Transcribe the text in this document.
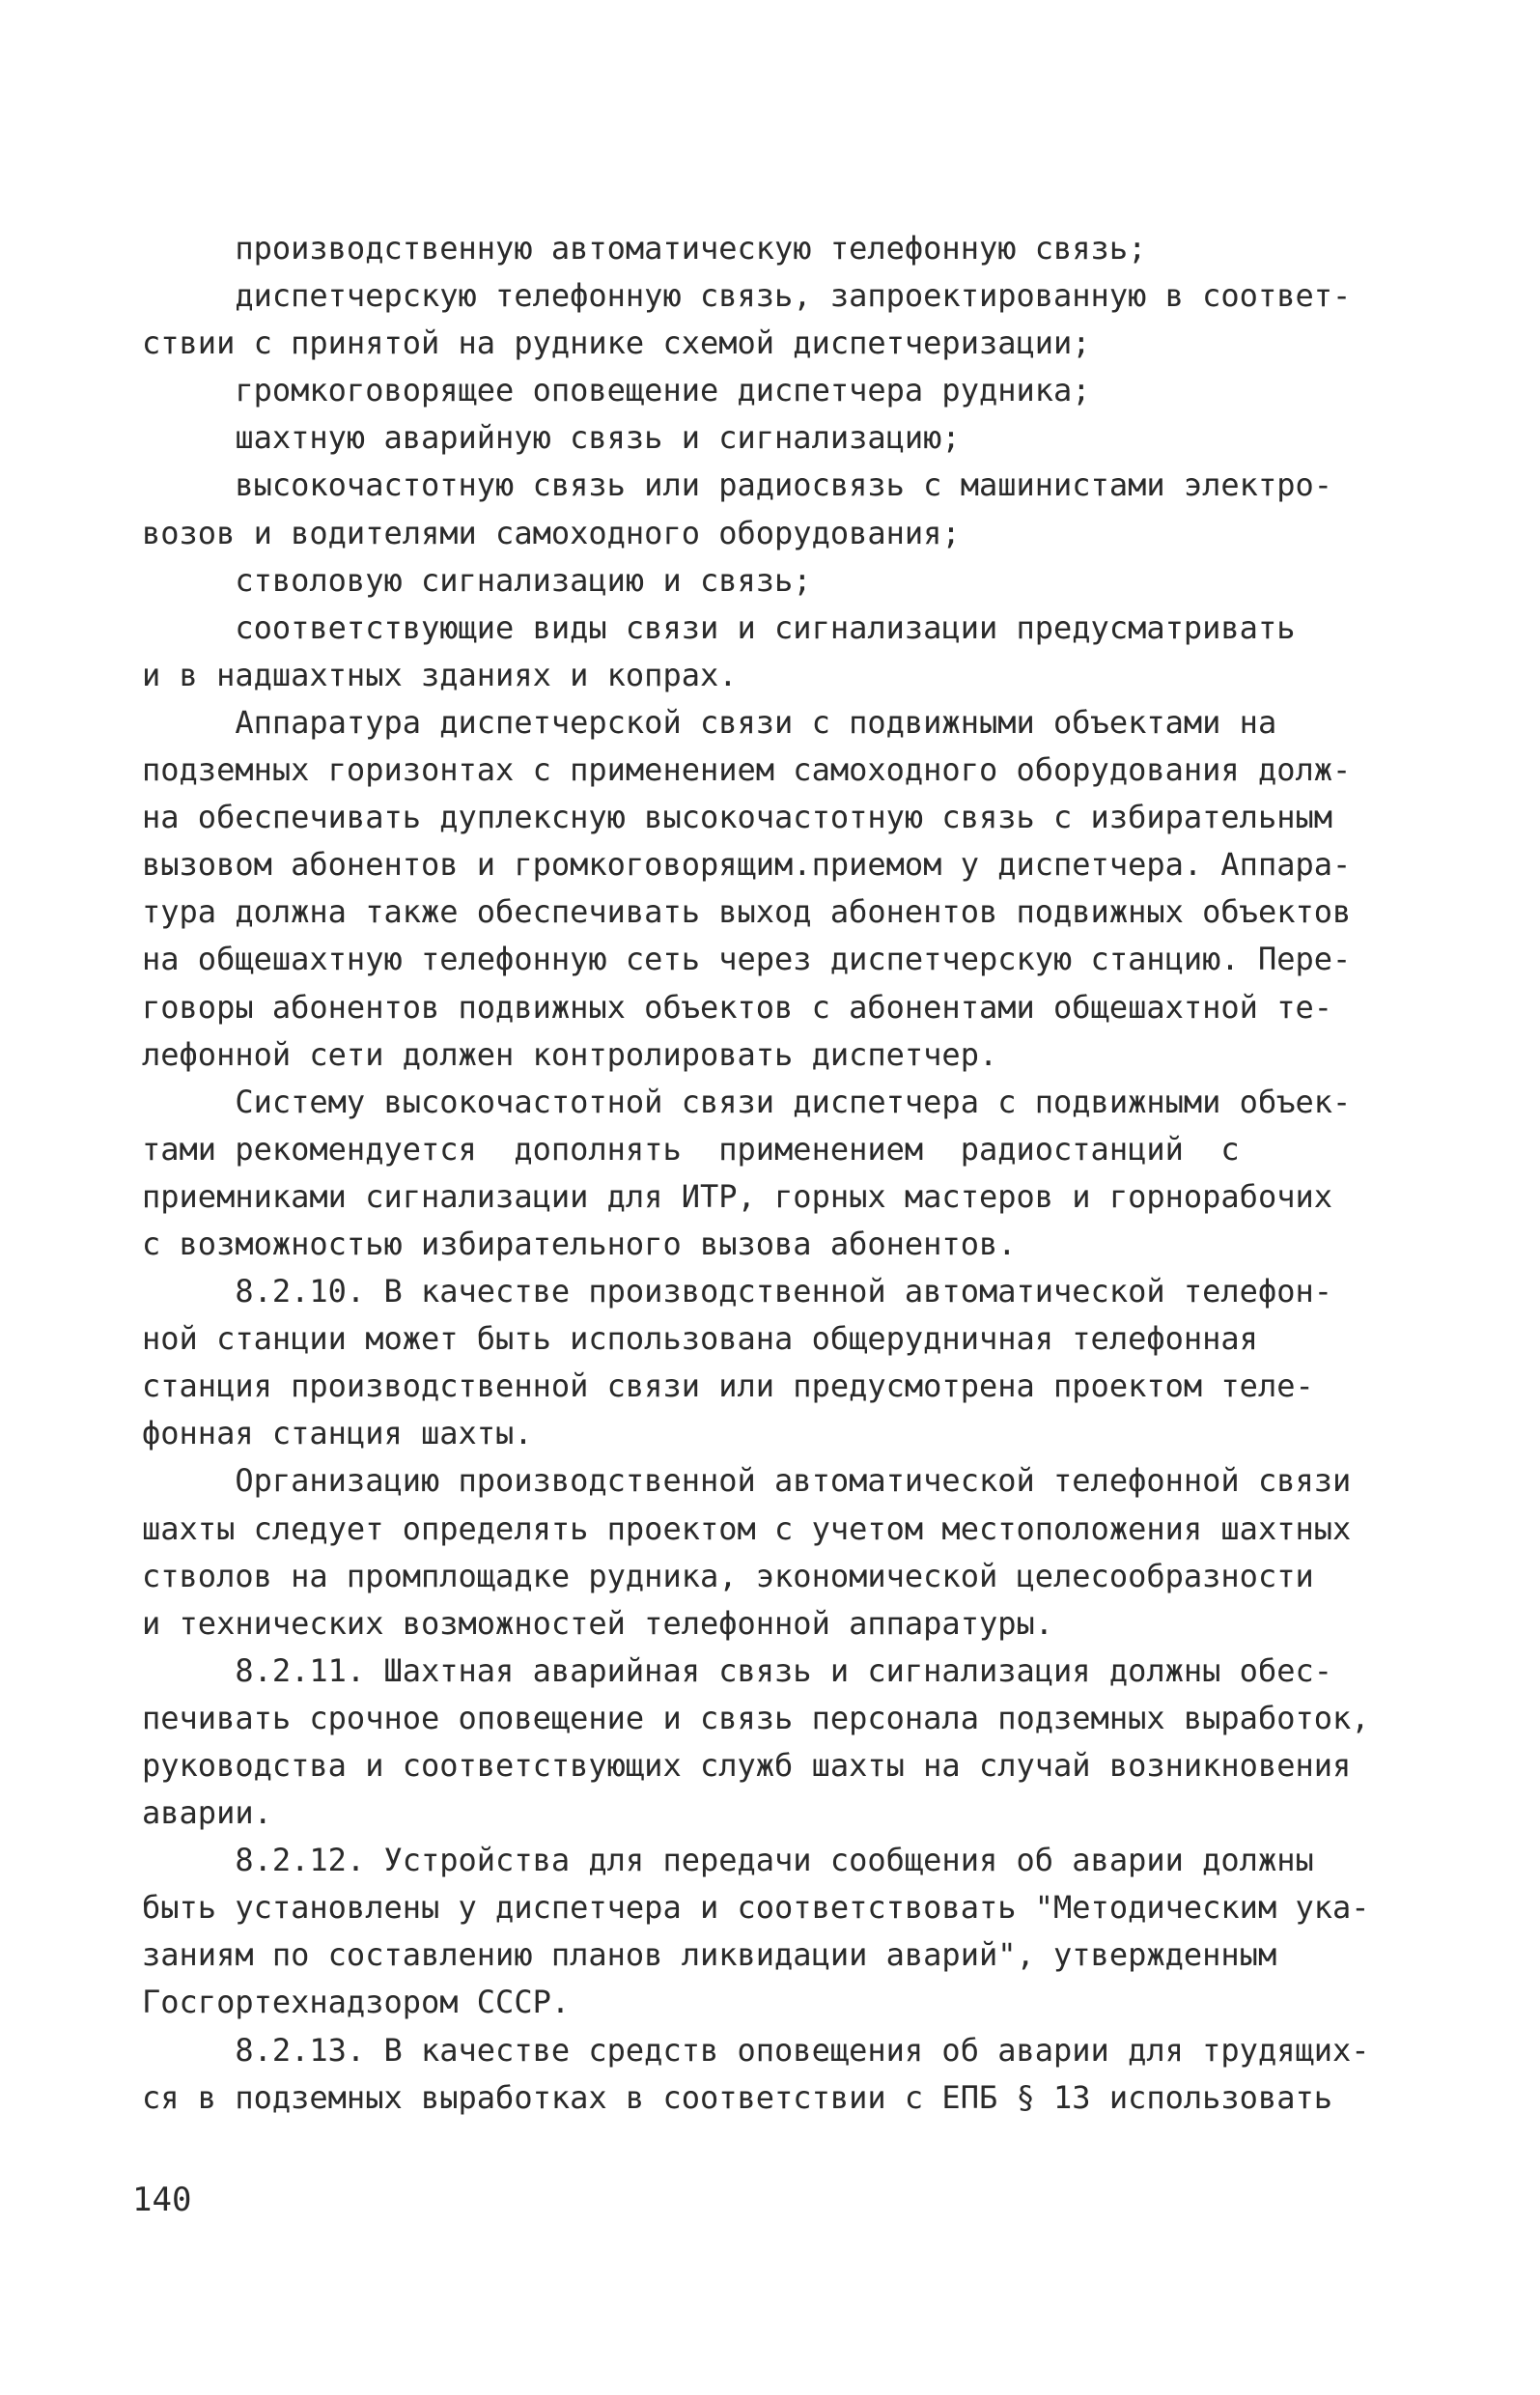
производственную автоматическую телефонную связь;
диспетчерскую телефонную связь, запроектированную в соответ-
ствии с принятой на руднике схемой диспетчеризации;
громкоговорящее оповещение диспетчера рудника;
шахтную аварийную связь и сигнализацию;
высокочастотную связь или радиосвязь с машинистами электро-
возов и водителями самоходного оборудования;
стволовую сигнализацию и связь;
соответствующие виды связи и сигнализации предусматривать
и в надшахтных зданиях и копрах.
Аппаратура диспетчерской связи с подвижными объектами на
подземных горизонтах с применением самоходного оборудования долж-
на обеспечивать дуплексную высокочастотную связь с избирательным
вызовом абонентов и громкоговорящим.приемом у диспетчера. Аппара-
тура должна также обеспечивать выход абонентов подвижных объектов
на общешахтную телефонную сеть через диспетчерскую станцию. Пере-
говоры абонентов подвижных объектов с абонентами общешахтной те-
лефонной сети должен контролировать диспетчер.
Систему высокочастотной связи диспетчера с подвижными объек-
тами рекомендуется  дополнять  применением  радиостанций  с
приемниками сигнализации для ИТР, горных мастеров и горнорабочих
с возможностью избирательного вызова абонентов.
8.2.10. В качестве производственной автоматической телефон-
ной станции может быть использована общерудничная телефонная
станция производственной связи или предусмотрена проектом теле-
фонная станция шахты.
Организацию производственной автоматической телефонной связи
шахты следует определять проектом с учетом местоположения шахтных
стволов на промплощадке рудника, экономической целесообразности
и технических возможностей телефонной аппаратуры.
8.2.11. Шахтная аварийная связь и сигнализация должны обес-
печивать срочное оповещение и связь персонала подземных выработок,
руководства и соответствующих служб шахты на случай возникновения
аварии.
8.2.12. Устройства для передачи сообщения об аварии должны
быть установлены у диспетчера и соответствовать "Методическим ука-
заниям по составлению планов ликвидации аварий", утвержденным
Госгортехнадзором СССР.
8.2.13. В качестве средств оповещения об аварии для трудящих-
ся в подземных выработках в соответствии с ЕПБ § 13 использовать
140
